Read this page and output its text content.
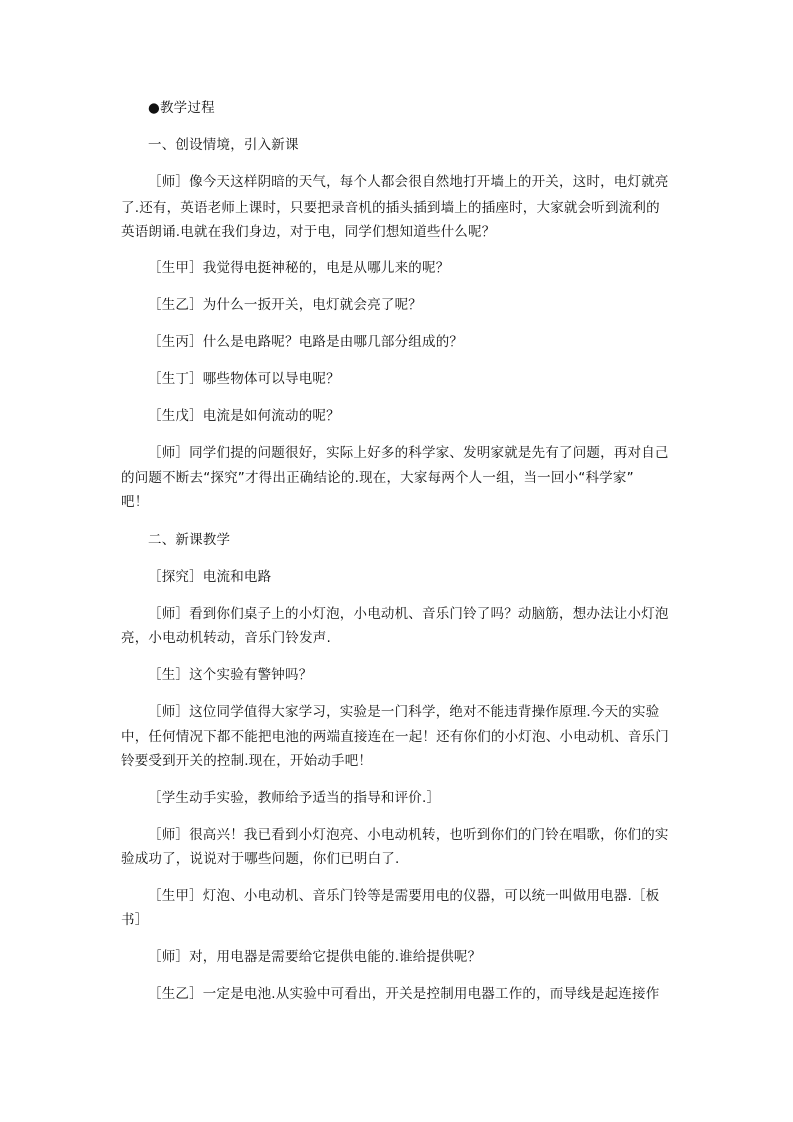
●教学过程
一、创设情境，引入新课
［师］像今天这样阴暗的天气，每个人都会很自然地打开墙上的开关，这时，电灯就亮
了.还有，英语老师上课时，只要把录音机的插头插到墙上的插座时，大家就会听到流利的
英语朗诵.电就在我们身边，对于电，同学们想知道些什么呢？
［生甲］我觉得电挺神秘的，电是从哪儿来的呢？
［生乙］为什么一扳开关，电灯就会亮了呢？
［生丙］什么是电路呢？电路是由哪几部分组成的？
［生丁］哪些物体可以导电呢？
［生戊］电流是如何流动的呢？
［师］同学们提的问题很好，实际上好多的科学家、发明家就是先有了问题，再对自己
的问题不断去“探究”才得出正确结论的.现在，大家每两个人一组，当一回小“科学家”
吧！
二、新课教学
［探究］电流和电路
［师］看到你们桌子上的小灯泡，小电动机、音乐门铃了吗？动脑筋，想办法让小灯泡
亮，小电动机转动，音乐门铃发声.
［生］这个实验有警钟吗？
［师］这位同学值得大家学习，实验是一门科学，绝对不能违背操作原理.今天的实验
中，任何情况下都不能把电池的两端直接连在一起！还有你们的小灯泡、小电动机、音乐门
铃要受到开关的控制.现在，开始动手吧！
［学生动手实验，教师给予适当的指导和评价.］
［师］很高兴！我已看到小灯泡亮、小电动机转，也听到你们的门铃在唱歌，你们的实
验成功了，说说对于哪些问题，你们已明白了.
［生甲］灯泡、小电动机、音乐门铃等是需要用电的仪器，可以统一叫做用电器.［板
书］
［师］对，用电器是需要给它提供电能的.谁给提供呢？
［生乙］一定是电池.从实验中可看出，开关是控制用电器工作的，而导线是起连接作
